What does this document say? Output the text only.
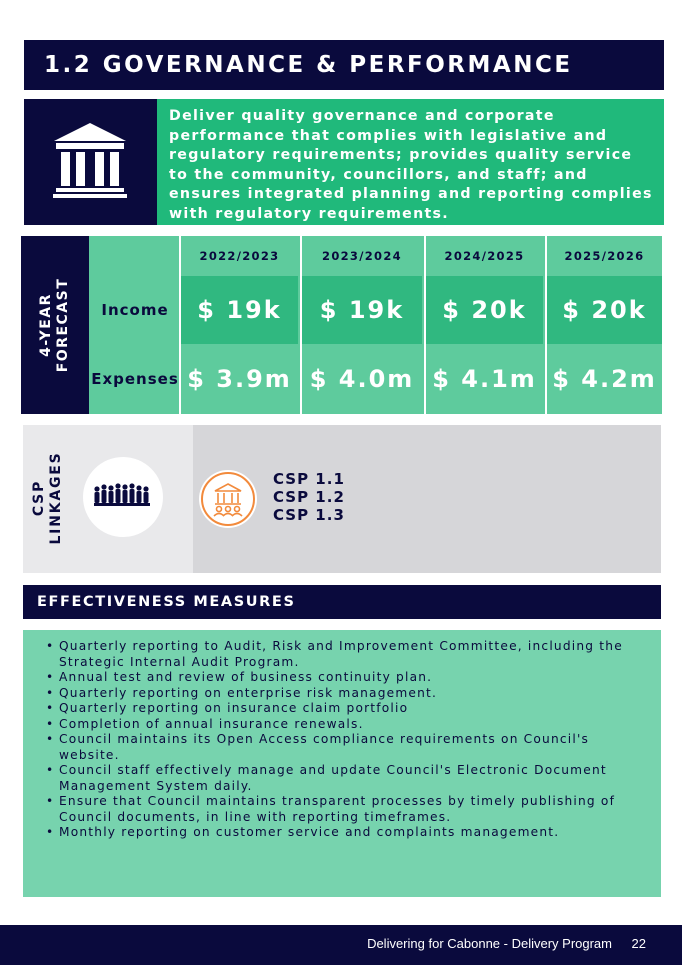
1.2 GOVERNANCE & PERFORMANCE
Deliver quality governance and corporate performance that complies with legislative and regulatory requirements; provides quality service to the community, councillors, and staff; and ensures integrated planning and reporting complies with regulatory requirements.
4-YEAR
FORECAST
2022/2023	2023/2024	2024/2025	2025/2026
Income	$ 19k	$ 19k	$ 20k	$ 20k
Expenses $ 3.9m $ 4.0m $ 4.1m $ 4.2m
CSP
LINKAGES	CSP 1.1
CSP 1.2
CSP 1.3
EFFECTIVENESS MEASURES
• Quarterly reporting to Audit, Risk and Improvement Committee, including the Strategic Internal Audit Program.
• Annual test and review of business continuity plan.
• Quarterly reporting on enterprise risk management.
• Quarterly reporting on insurance claim portfolio
• Completion of annual insurance renewals.
• Council maintains its Open Access compliance requirements on Council's website.
• Council staff effectively manage and update Council's Electronic Document Management System daily.
• Ensure that Council maintains transparent processes by timely publishing of Council documents, in line with reporting timeframes.
• Monthly reporting on customer service and complaints management.
Delivering for Cabonne - Delivery Program 22
